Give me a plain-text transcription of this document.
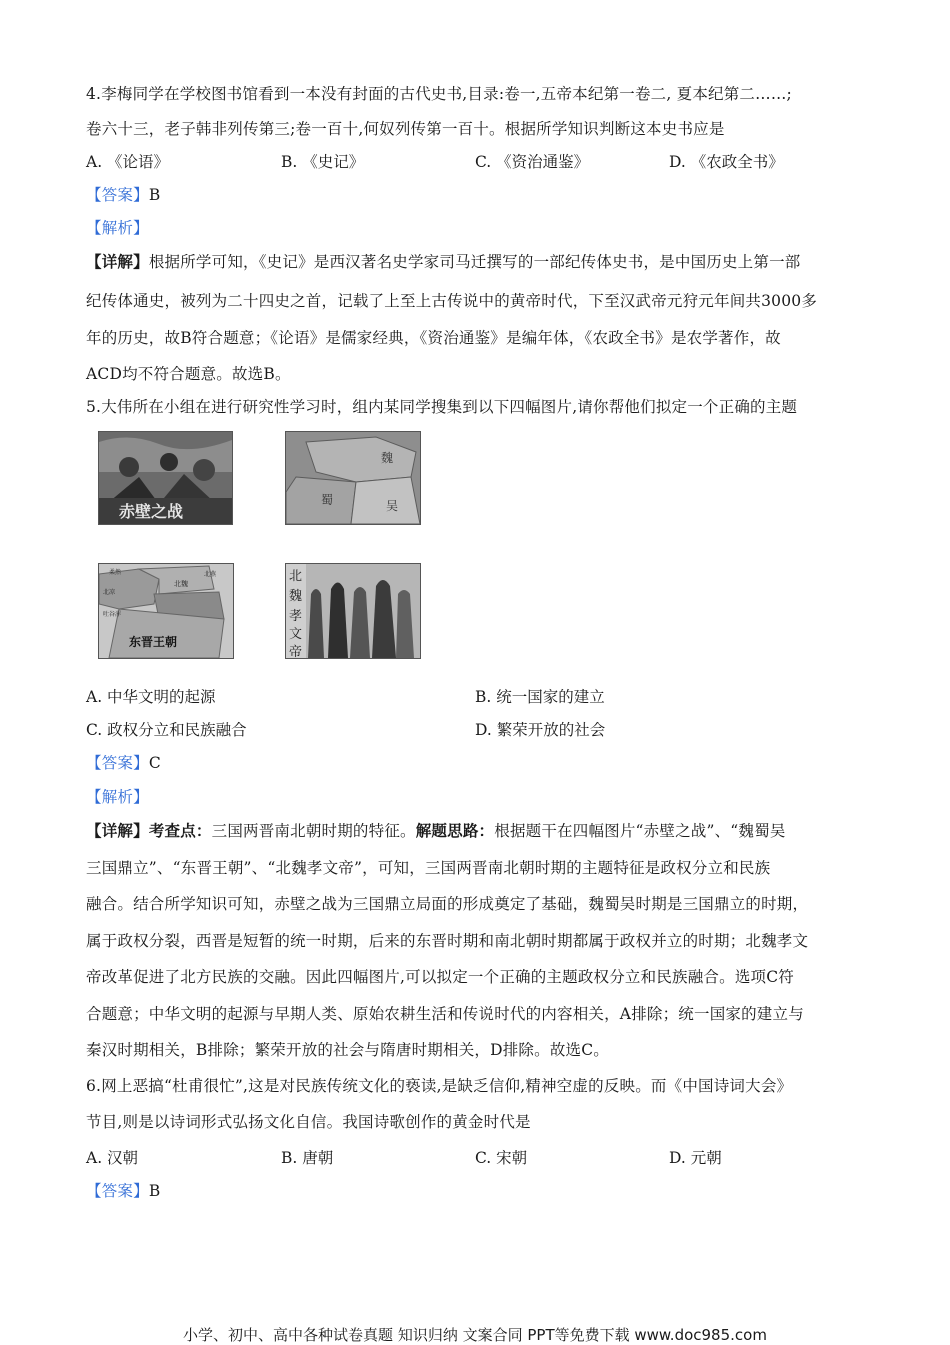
4.李梅同学在学校图书馆看到一本没有封面的古代史书,目录:卷一,五帝本纪第一卷二, 夏本纪第二……;
卷六十三，老子韩非列传第三;卷一百十,何奴列传第一百十。根据所学知识判断这本史书应是
A. 《论语》	B. 《史记》	C. 《资治通鉴》	D. 《农政全书》
【答案】B
【解析】
【详解】根据所学可知，《史记》是西汉著名史学家司马迁撰写的一部纪传体史书，是中国历史上第一部
纪传体通史，被列为二十四史之首，记载了上至上古传说中的黄帝时代，下至汉武帝元狩元年间共3000多
年的历史，故B符合题意；《论语》是儒家经典，《资治通鉴》是编年体，《农政全书》是农学著作，故
ACD均不符合题意。故选B。
5.大伟所在小组在进行研究性学习时，组内某同学搜集到以下四幅图片,请你帮他们拟定一个正确的主题
赤壁之战
魏
蜀	吴
柔然
北魏
北燕
北凉
吐谷浑
东晋王朝
北
魏
孝
文
帝
A. 中华文明的起源	B. 统一国家的建立
C. 政权分立和民族融合	D. 繁荣开放的社会
【答案】C
【解析】
【详解】考查点：三国两晋南北朝时期的特征。解题思路：根据题干在四幅图片“赤壁之战”、“魏蜀吴
三国鼎立”、“东晋王朝”、“北魏孝文帝”，可知，三国两晋南北朝时期的主题特征是政权分立和民族
融合。结合所学知识可知，赤壁之战为三国鼎立局面的形成奠定了基础，魏蜀吴时期是三国鼎立的时期，
属于政权分裂，西晋是短暂的统一时期，后来的东晋时期和南北朝时期都属于政权并立的时期；北魏孝文
帝改革促进了北方民族的交融。因此四幅图片,可以拟定一个正确的主题政权分立和民族融合。选项C符
合题意；中华文明的起源与早期人类、原始农耕生活和传说时代的内容相关，A排除；统一国家的建立与
秦汉时期相关，B排除；繁荣开放的社会与隋唐时期相关，D排除。故选C。
6.网上恶搞“杜甫很忙”,这是对民族传统文化的亵读,是缺乏信仰,精神空虚的反映。而《中国诗词大会》
节目,则是以诗词形式弘扬文化自信。我国诗歌创作的黄金时代是
A. 汉朝	B. 唐朝	C. 宋朝	D. 元朝
【答案】B
小学、初中、高中各种试卷真题 知识归纳 文案合同 PPT等免费下载 www.doc985.com
